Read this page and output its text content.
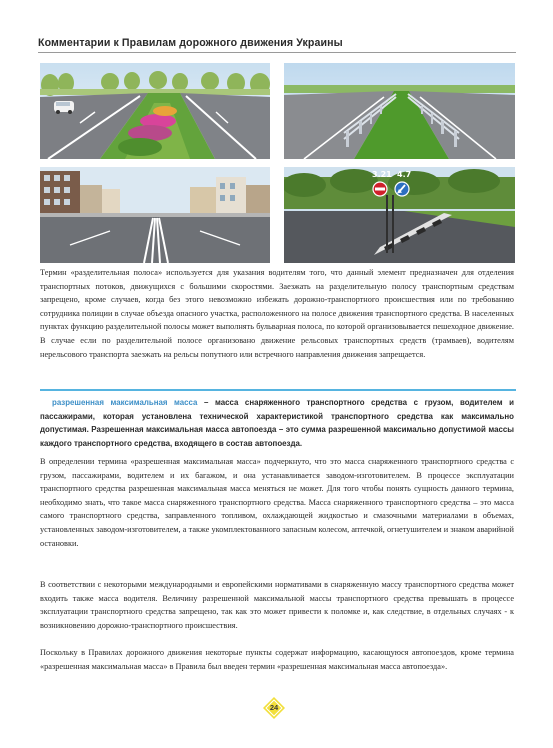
Комментарии к Правилам дорожного движения Украины
3.21 4.7

Термин «разделительная полоса» используется для указания водителям того, что данный элемент предназначен для отделения транспортных потоков, движущихся с большими скоростями. Заезжать на разделительную полосу транспортным средствам запрещено, кроме случаев, когда без этого невозможно избежать дорожно-транспортного происшествия или по требованию сотрудника полиции в случае объезда опасного участка, расположенного на полосе движения транспортного средства. В населенных пунктах функцию разделительной полосы может выполнять бульварная полоса, по которой организовывается пешеходное движение. В случае если по разделительной полосе организовано движение рельсовых транспортных средств (трамваев), водителям нерельсового транспорта заезжать на рельсы попутного или встречного направления движения запрещается.

разрешенная максимальная масса – масса снаряженного транспортного средства с грузом, водителем и пассажирами, которая установлена технической характеристикой транспортного средства как максимально допустимая. Разрешенная максимальная масса автопоезда – это сумма разрешенной максимально допустимой массы каждого транспортного средства, входящего в состав автопоезда.

В определении термина «разрешенная максимальная масса» подчеркнуто, что это масса снаряженного транспортного средства с грузом, пассажирами, водителем и их багажом, и она устанавливается заводом-изготовителем. В процессе эксплуатации транспортного средства разрешенная максимальная масса меняться не может. Для того чтобы понять сущность данного термина, необходимо знать, что такое масса снаряженного транспортного средства. Масса снаряженного транспортного средства – это масса самого транспортного средства, заправленного топливом, охлаждающей жидкостью и смазочными материалами в объемах, установленных заводом-изготовителем, а также укомплектованного запасным колесом, аптечкой, огнетушителем и знаком аварийной остановки.

В соответствии с некоторыми международными и европейскими нормативами в снаряженную массу транспортного средства может входить также масса водителя. Величину разрешенной максимальной массы транспортного средства превышать в процессе эксплуатации транспортного средства запрещено, так как это может привести к поломке и, как следствие, в отдельных случаях - к возникновению дорожно-транспортного происшествия.

Поскольку в Правилах дорожного движения некоторые пункты содержат информацию, касающуюся автопоездов, кроме термина «разрешенная максимальная масса» в Правила был введен термин «разрешенная максимальная масса автопоезда».

24
